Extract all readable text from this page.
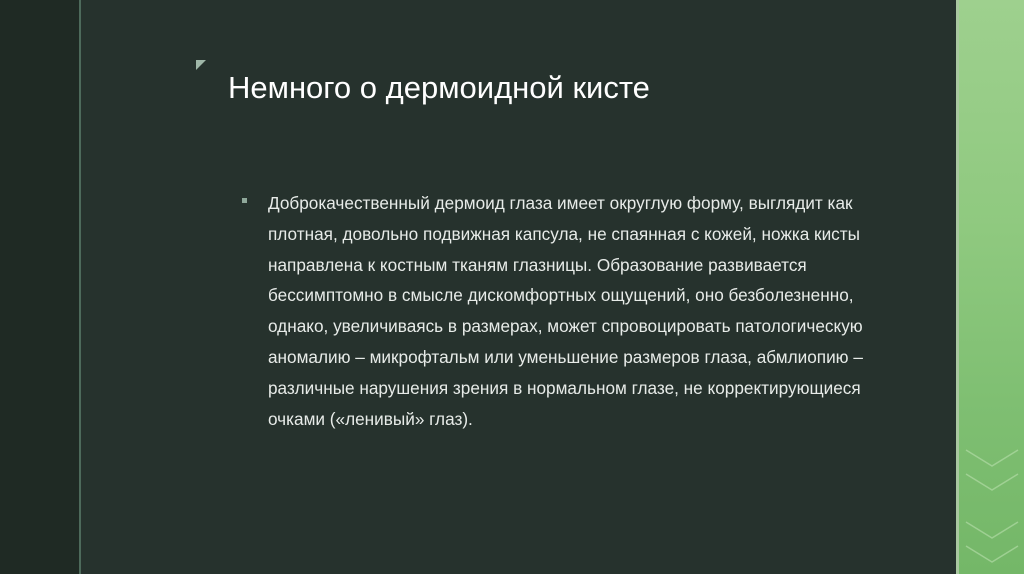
Немного о дермоидной кисте

Доброкачественный дермоид глаза имеет округлую форму, выглядит как плотная, довольно подвижная капсула, не спаянная с кожей, ножка кисты направлена к костным тканям глазницы. Образование развивается бессимптомно в смысле дискомфортных ощущений, оно безболезненно, однако, увеличиваясь в размерах, может спровоцировать патологическую аномалию – микрофтальм или уменьшение размеров глаза, абмлиопию – различные нарушения зрения в нормальном глазе, не корректирующиеся очками («ленивый» глаз).
